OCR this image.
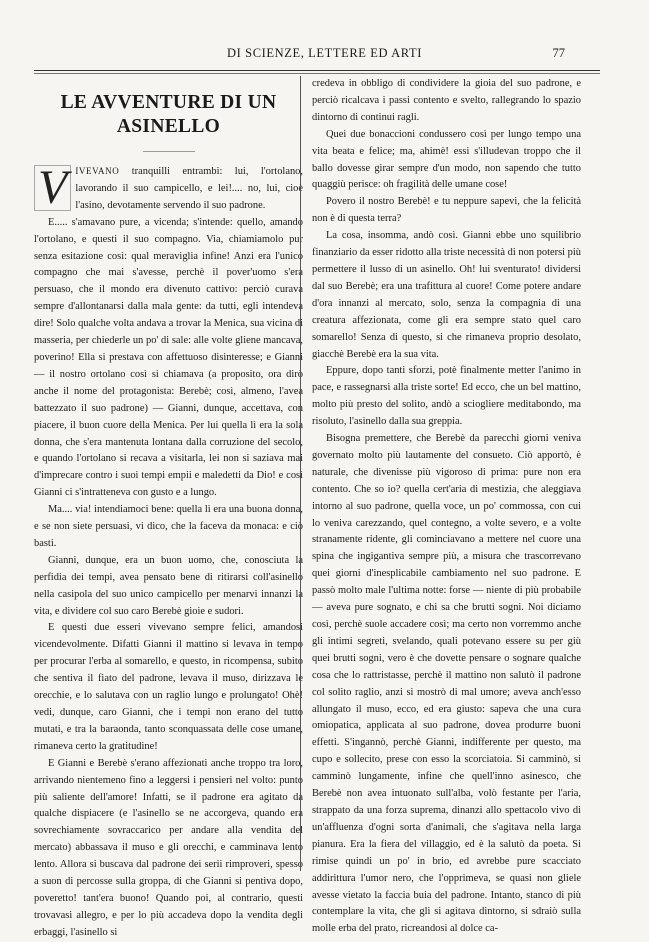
DI SCIENZE, LETTERE ED ARTI	77
LE AVVENTURE DI UN ASINELLO

V IVEVANO tranquilli entrambi: lui, l'ortolano, lavorando il suo campicello, e lei!.... no, lui, cioè l'asino, devotamente servendo il suo padrone.

E..... s'amavano pure, a vicenda; s'intende: quello, amando l'ortolano, e questi il suo compagno. Via, chiamiamolo pur senza esitazione così: qual meraviglia infine! Anzi era l'unico compagno che mai s'avesse, perchè il pover'uomo s'era persuaso, che il mondo era divenuto cattivo: perciò curava sempre d'allontanarsi dalla mala gente: da tutti, egli intendeva dire! Solo qualche volta andava a trovar la Menica, sua vicina di masseria, per chiederle un po' di sale: alle volte gliene mancava, poverino! Ella si prestava con affettuoso disinteresse; e Gianni — il nostro ortolano così si chiamava (a proposito, ora dirò anche il nome del protagonista: Berebè; così, almeno, l'avea battezzato il suo padrone) — Gianni, dunque, accettava, con piacere, il buon cuore della Menica. Per lui quella lì era la sola donna, che s'era mantenuta lontana dalla corruzione del secolo, e quando l'ortolano si recava a visitarla, lei non si saziava mai d'imprecare contro i suoi tempi empii e maledetti da Dio! e così Gianni ci s'intratteneva con gusto e a lungo.

Ma.... via! intendiamoci bene: quella lì era una buona donna, e se non siete persuasi, vi dico, che la faceva da monaca: e ciò basti.

Gianni, dunque, era un buon uomo, che, conosciuta la perfidia dei tempi, avea pensato bene di ritirarsi coll'asinello nella casipola del suo unico campicello per menarvi innanzi la vita, e dividere col suo caro Berebè gioie e sudori.

E questi due esseri vivevano sempre felici, amandosi vicendevolmente. Difatti Gianni il mattino si levava in tempo per procurar l'erba al somarello, e questo, in ricompensa, subito che sentiva il fiato del padrone, levava il muso, dirizzava le orecchie, e lo salutava con un raglio lungo e prolungato! Ohè! vedi, dunque, caro Gianni, che i tempi non erano del tutto mutati, e tra la baraonda, tanto sconquassata delle cose umane, rimaneva certo la gratitudine!

E Gianni e Berebè s'erano affezionati anche troppo tra loro, arrivando nientemeno fino a leggersi i pensieri nel volto: punto più saliente dell'amore! Infatti, se il padrone era agitato da qualche dispiacere (e l'asinello se ne accorgeva, quando era sovrechiamente sovraccarico per andare alla vendita del mercato) abbassava il muso e gli orecchi, e camminava lento lento. Allora si buscava dal padrone dei serii rimproveri, spesso a suon di percosse sulla groppa, di che Gianni si pentiva dopo, poveretto! tant'era buono! Quando poi, al contrario, questi trovavasi allegro, e per lo più accadeva dopo la vendita degli erbaggi, l'asinello si

credeva in obbligo di condividere la gioia del suo padrone, e perciò ricalcava i passi contento e svelto, rallegrando lo spazio dintorno di continui ragli.

Quei due bonaccioni condussero così per lungo tempo una vita beata e felice; ma, ahimè! essi s'illudevan troppo che il ballo dovesse girar sempre d'un modo, non sapendo che tutto quaggiù perisce: oh fragilità delle umane cose!

Povero il nostro Berebè! e tu neppure sapevi, che la felicità non è di questa terra?

La cosa, insomma, andò così. Gianni ebbe uno squilibrio finanziario da esser ridotto alla triste necessità di non potersi più permettere il lusso di un asinello. Oh! lui sventurato! dividersi dal suo Berebè; era una trafittura al cuore! Come potere andare d'ora innanzi al mercato, solo, senza la compagnia di una creatura affezionata, come gli era sempre stato quel caro somarello! Senza di questo, si che rimaneva proprio desolato, giacchè Berebè era la sua vita.

Eppure, dopo tanti sforzi, potè finalmente metter l'animo in pace, e rassegnarsi alla triste sorte! Ed ecco, che un bel mattino, molto più presto del solito, andò a sciogliere meditabondo, ma risoluto, l'asinello dalla sua greppia.

Bisogna premettere, che Berebè da parecchi giorni veniva governato molto più lautamente del consueto. Ciò apportò, è naturale, che divenisse più vigoroso di prima: pure non era contento. Che so io? quella cert'aria di mestizia, che aleggiava intorno al suo padrone, quella voce, un po' commossa, con cui lo veniva carezzando, quel contegno, a volte severo, e a volte stranamente ridente, gli cominciavano a mettere nel cuore una spina che ingigantiva sempre più, a misura che trascorrevano quei giorni d'inesplicabile cambiamento nel suo padrone. E passò molto male l'ultima notte: forse — niente di più probabile — aveva pure sognato, e chi sa che brutti sogni. Noi diciamo così, perchè suole accadere così; ma certo non vorremmo anche gli intimi segreti, svelando, quali potevano essere su per giù quei brutti sogni, vero è che dovette pensare o sognare qualche cosa che lo rattristasse, perchè il mattino non salutò il padrone col solito raglio, anzi si mostrò di mal umore; aveva anch'esso allungato il muso, ecco, ed era giusto: sapeva che una cura omiopatica, applicata al suo padrone, dovea produrre buoni effetti. S'ingannò, perchè Gianni, indifferente per questo, ma cupo e sollecito, prese con esso la scorciatoia. Si camminò, si camminò lungamente, infine che quell'inno asinesco, che Berebè non avea intuonato sull'alba, volò festante per l'aria, strappato da una forza suprema, dinanzi allo spettacolo vivo di un'affluenza d'ogni sorta d'animali, che s'agitava nella larga pianura. Era la fiera del villaggio, ed è la salutò da poeta. Si rimise quindi un po' in brio, ed avrebbe pure scacciato addirittura l'umor nero, che l'opprimeva, se quasi non gliele avesse vietato la faccia buia del padrone. Intanto, stanco di più contemplare la vita, che gli si agitava dintorno, si sdraiò sulla molle erba del prato, ricreandosi al dolce ca-
